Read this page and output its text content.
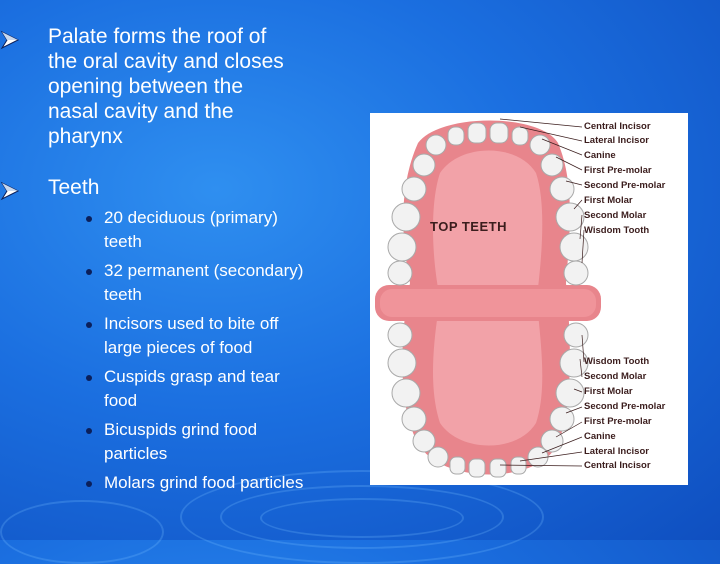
Palate forms the roof of
the oral cavity and closes
opening between the
nasal cavity and the
pharynx
Teeth
20 deciduous (primary)
teeth
32 permanent (secondary)
teeth
Incisors used to bite off
large pieces of food
Cuspids grasp and tear
food
Bicuspids grind food
particles
Molars grind food particles
TOP TEETH
Central Incisor
Lateral Incisor
Canine
First Pre-molar
Second Pre-molar
First Molar
Second Molar
Wisdom Tooth
Wisdom Tooth
Second Molar
First Molar
Second Pre-molar
First Pre-molar
Canine
Lateral Incisor
Central Incisor
